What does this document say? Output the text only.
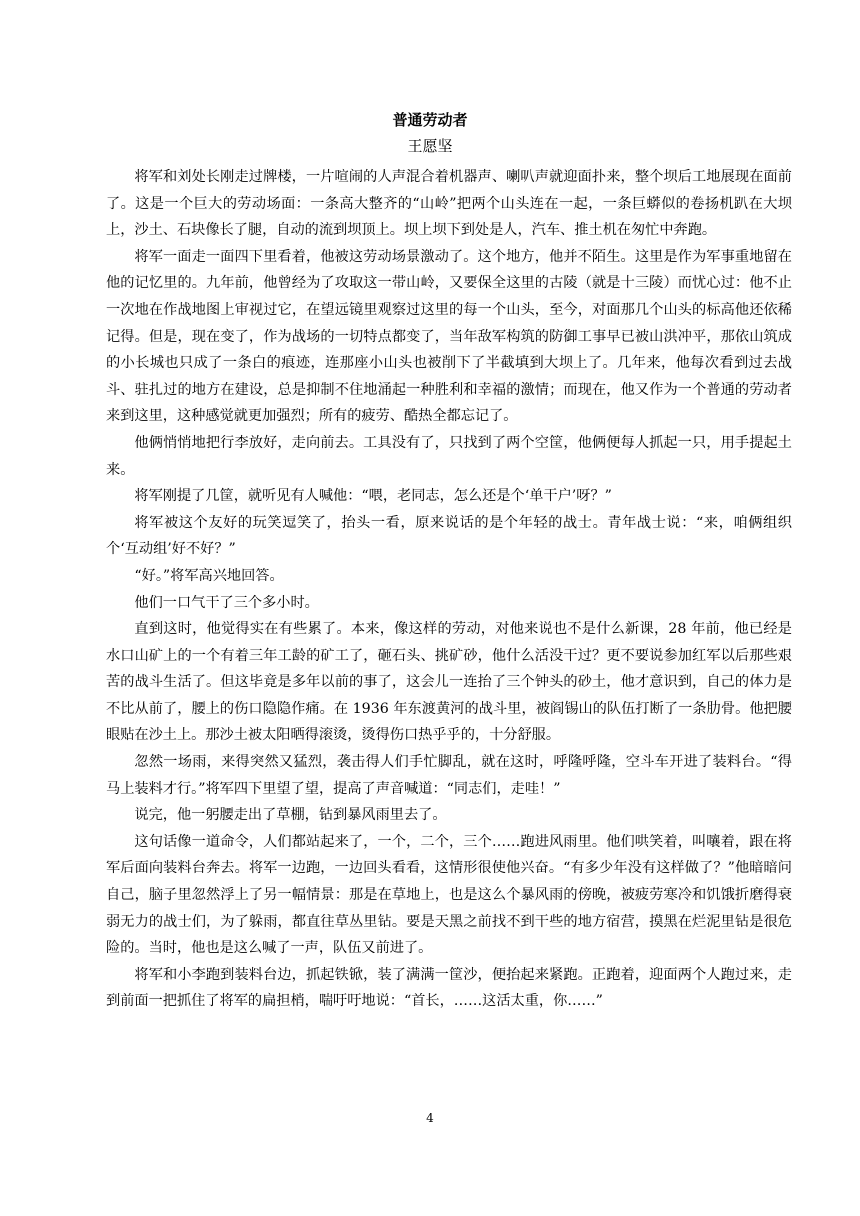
普通劳动者
王愿坚

将军和刘处长刚走过牌楼，一片喧闹的人声混合着机器声、喇叭声就迎面扑来，整个坝后工地展现在面前了。这是一个巨大的劳动场面：一条高大整齐的“山岭”把两个山头连在一起，一条巨蟒似的卷扬机趴在大坝上，沙土、石块像长了腿，自动的流到坝顶上。坝上坝下到处是人，汽车、推土机在匆忙中奔跑。

将军一面走一面四下里看着，他被这劳动场景激动了。这个地方，他并不陌生。这里是作为军事重地留在他的记忆里的。九年前，他曾经为了攻取这一带山岭，又要保全这里的古陵（就是十三陵）而忧心过：他不止一次地在作战地图上审视过它，在望远镜里观察过这里的每一个山头，至今，对面那几个山头的标高他还依稀记得。但是，现在变了，作为战场的一切特点都变了，当年敌军构筑的防御工事早已被山洪冲平，那依山筑成的小长城也只成了一条白的痕迹，连那座小山头也被削下了半截填到大坝上了。几年来，他每次看到过去战斗、驻扎过的地方在建设，总是抑制不住地涌起一种胜利和幸福的激情；而现在，他又作为一个普通的劳动者来到这里，这种感觉就更加强烈；所有的疲劳、酷热全都忘记了。

他俩悄悄地把行李放好，走向前去。工具没有了，只找到了两个空筐，他俩便每人抓起一只，用手提起土来。

将军刚提了几筐，就听见有人喊他：“喂，老同志，怎么还是个‘单干户’呀？”

将军被这个友好的玩笑逗笑了，抬头一看，原来说话的是个年轻的战士。青年战士说：“来，咱俩组织个‘互动组’好不好？”

“好。”将军高兴地回答。

他们一口气干了三个多小时。

直到这时，他觉得实在有些累了。本来，像这样的劳动，对他来说也不是什么新课，28 年前，他已经是水口山矿上的一个有着三年工龄的矿工了，砸石头、挑矿砂，他什么活没干过？更不要说参加红军以后那些艰苦的战斗生活了。但这毕竟是多年以前的事了，这会儿一连抬了三个钟头的砂土，他才意识到，自己的体力是不比从前了，腰上的伤口隐隐作痛。在 1936 年东渡黄河的战斗里，被阎锡山的队伍打断了一条肋骨。他把腰眼贴在沙土上。那沙土被太阳晒得滚烫，烫得伤口热乎乎的，十分舒服。

忽然一场雨，来得突然又猛烈，袭击得人们手忙脚乱，就在这时，呼隆呼隆，空斗车开进了装料台。“得马上装料才行。”将军四下里望了望，提高了声音喊道：“同志们，走哇！”

说完，他一躬腰走出了草棚，钻到暴风雨里去了。

这句话像一道命令，人们都站起来了，一个，二个，三个……跑进风雨里。他们哄笑着，叫嚷着，跟在将军后面向装料台奔去。将军一边跑，一边回头看看，这情形很使他兴奋。“有多少年没有这样做了？”他暗暗问自己，脑子里忽然浮上了另一幅情景：那是在草地上，也是这么个暴风雨的傍晚，被疲劳寒冷和饥饿折磨得衰弱无力的战士们，为了躲雨，都直往草丛里钻。要是天黑之前找不到干些的地方宿营，摸黑在烂泥里钻是很危险的。当时，他也是这么喊了一声，队伍又前进了。

将军和小李跑到装料台边，抓起铁锨，装了满满一筐沙，便抬起来紧跑。正跑着，迎面两个人跑过来，走到前面一把抓住了将军的扁担梢，喘吁吁地说：“首长，……这活太重，你……”

4
